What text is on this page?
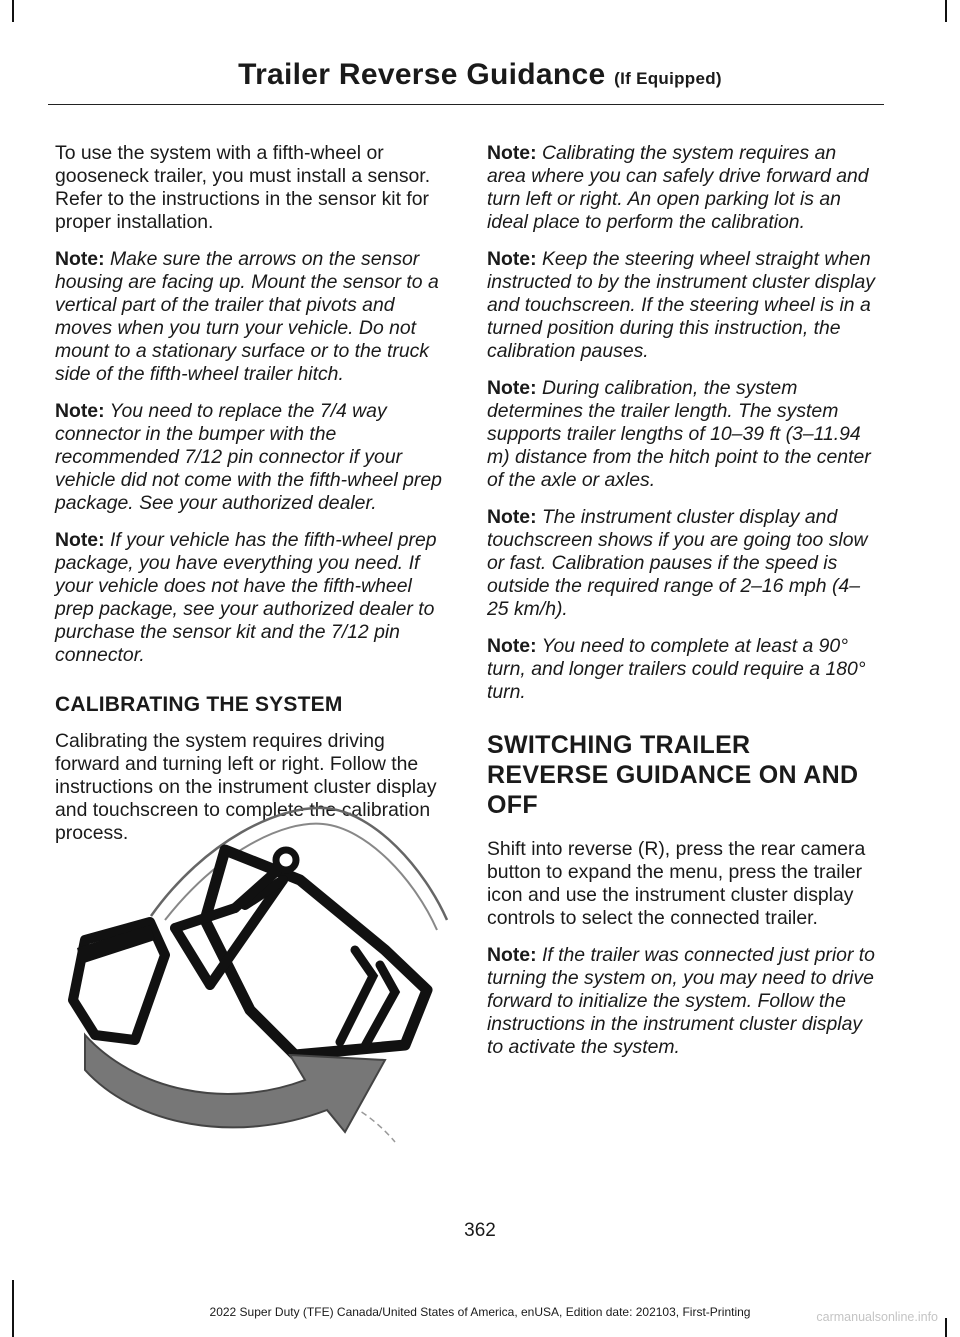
Trailer Reverse Guidance (If Equipped)

To use the system with a fifth-wheel or gooseneck trailer, you must install a sensor. Refer to the instructions in the sensor kit for proper installation.

Note: Make sure the arrows on the sensor housing are facing up. Mount the sensor to a vertical part of the trailer that pivots and moves when you turn your vehicle. Do not mount to a stationary surface or to the truck side of the fifth-wheel trailer hitch.

Note: You need to replace the 7/4 way connector in the bumper with the recommended 7/12 pin connector if your vehicle did not come with the fifth-wheel prep package. See your authorized dealer.

Note: If your vehicle has the fifth-wheel prep package, you have everything you need. If your vehicle does not have the fifth-wheel prep package, see your authorized dealer to purchase the sensor kit and the 7/12 pin connector.

CALIBRATING THE SYSTEM

Calibrating the system requires driving forward and turning left or right. Follow the instructions on the instrument cluster display and touchscreen to complete the calibration process.

Note: Calibrating the system requires an area where you can safely drive forward and turn left or right. An open parking lot is an ideal place to perform the calibration.

Note: Keep the steering wheel straight when instructed to by the instrument cluster display and touchscreen. If the steering wheel is in a turned position during this instruction, the calibration pauses.

Note: During calibration, the system determines the trailer length. The system supports trailer lengths of 10–39 ft (3–11.94 m) distance from the hitch point to the center of the axle or axles.

Note: The instrument cluster display and touchscreen shows if you are going too slow or fast. Calibration pauses if the speed is outside the required range of 2–16 mph (4–25 km/h).

Note: You need to complete at least a 90° turn, and longer trailers could require a 180° turn.

SWITCHING TRAILER
REVERSE GUIDANCE ON AND
OFF

Shift into reverse (R), press the rear camera button to expand the menu, press the trailer icon and use the instrument cluster display controls to select the connected trailer.

Note: If the trailer was connected just prior to turning the system on, you may need to drive forward to initialize the system. Follow the instructions in the instrument cluster display to activate the system.

362
2022 Super Duty (TFE) Canada/United States of America, enUSA, Edition date: 202103, First-Printing	carmanualsonline.info
